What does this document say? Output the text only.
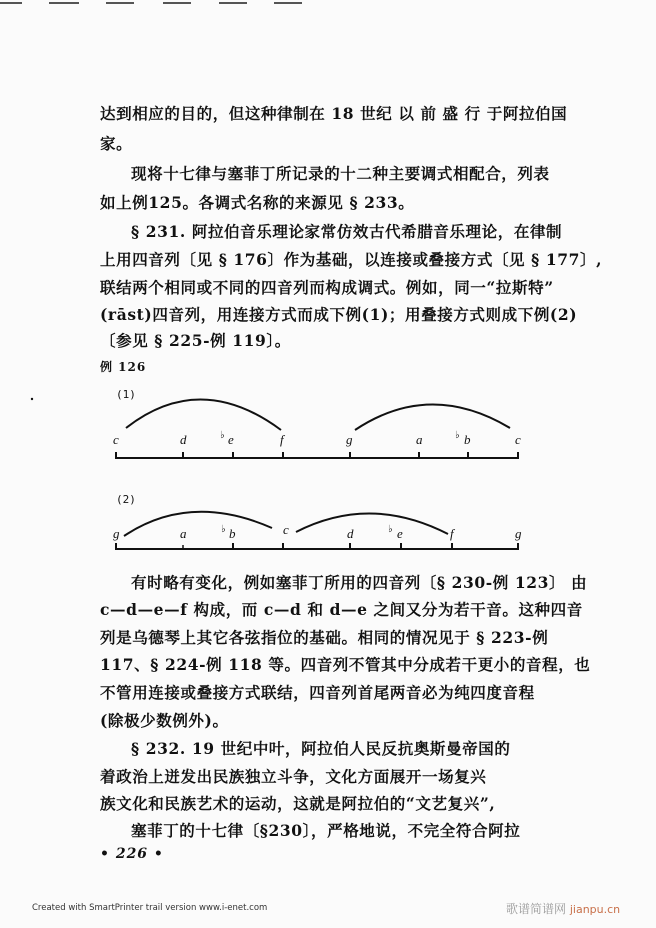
达到相应的目的，但这种律制在 18 世纪 以 前 盛 行 于阿拉伯国
家。
现将十七律与塞菲丁所记录的十二种主要调式相配合，列表
如上例125。各调式名称的来源见 § 233。
§ 231. 阿拉伯音乐理论家常仿效古代希腊音乐理论，在律制
上用四音列〔见 § 176〕作为基础，以连接或叠接方式〔见 § 177〕,
联结两个相同或不同的四音列而构成调式。例如，同一“拉斯特”
(rāst)四音列，用连接方式而成下例(1)；用叠接方式则成下例(2)
〔参见 § 225-例 119〕。
例 126
(1)
(2)
c	d	♭ e	f	g	a	♭ b	c
g	a	♭ b	c	d	♭ e	f	g
有时略有变化，例如塞菲丁所用的四音列〔§ 230-例 123〕 由
c—d—e—f 构成，而 c—d 和 d—e 之间又分为若干音。这种四音
列是乌德琴上其它各弦指位的基础。相同的情况见于 § 223-例
117、§ 224-例 118 等。四音列不管其中分成若干更小的音程，也
不管用连接或叠接方式联结，四音列首尾两音必为纯四度音程
(除极少数例外)。
§ 232. 19 世纪中叶，阿拉伯人民反抗奥斯曼帝国的
着政治上迸发出民族独立斗争，文化方面展开一场复兴
族文化和民族艺术的运动，这就是阿拉伯的“文艺复兴”,
塞菲丁的十七律〔§230〕，严格地说，不完全符合阿拉
• 226 •
Created with SmartPrinter trail version www.i-enet.com	歌谱简谱网 jianpu.cn
